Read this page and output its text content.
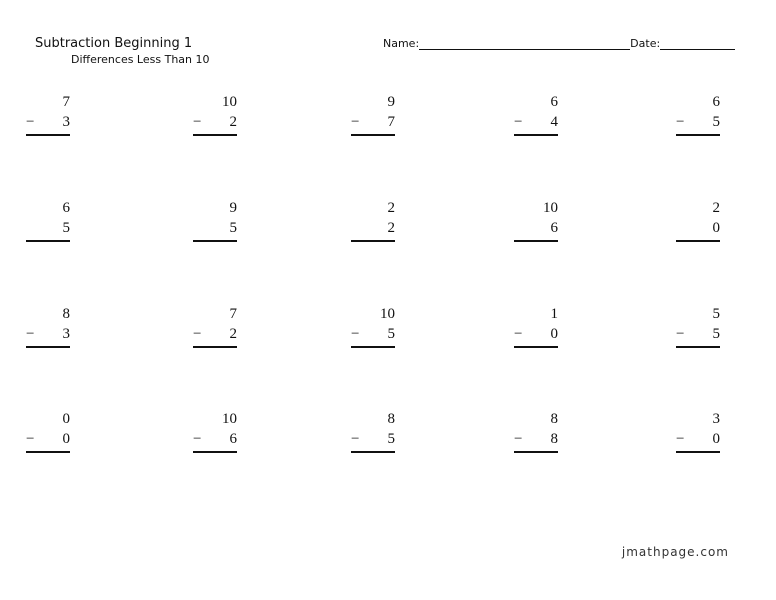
Subtraction Beginning 1
Differences Less Than 10
Name:	Date:
7
− 3
10
− 2
9
− 7
6
− 4
6
− 5
6
5
9
5
2
2
10
6
2
0
8
− 3
7
− 2
10
− 5
1
− 0
5
− 5
0
− 0
10
− 6
8
− 5
8
− 8
3
− 0
jmathpage.com
